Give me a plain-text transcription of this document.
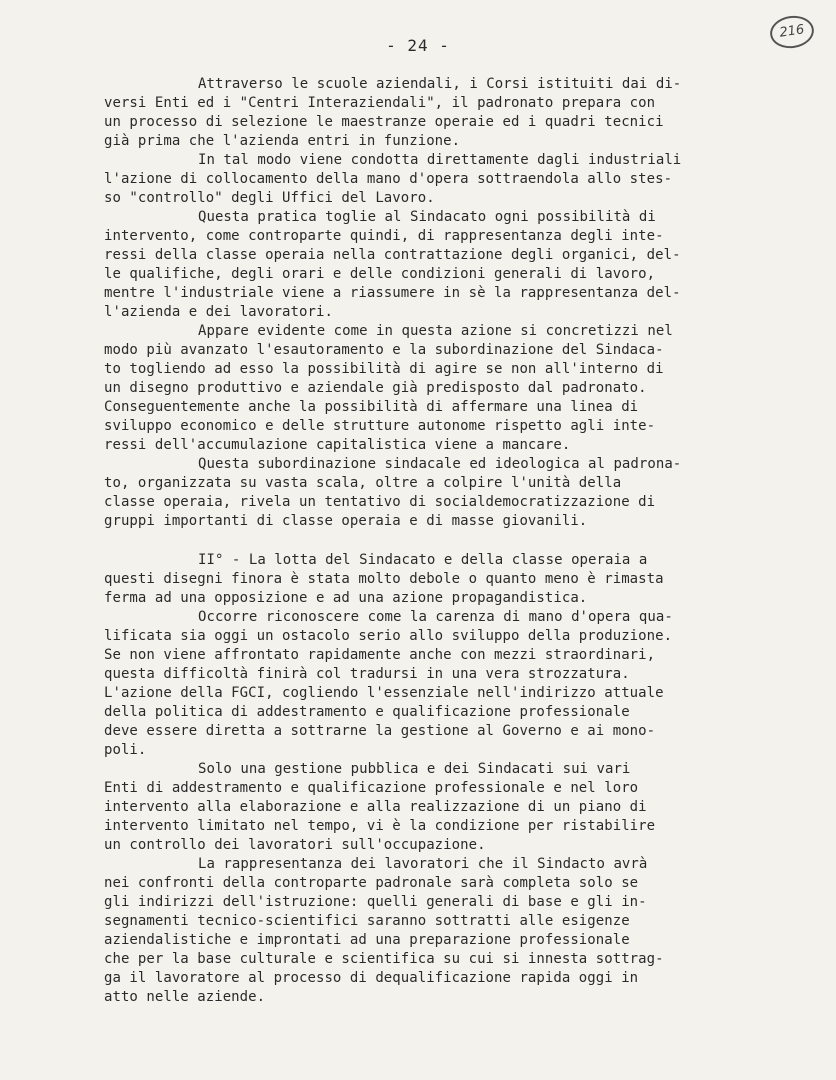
- 24 -
216
Attraverso le scuole aziendali, i Corsi istituiti dai di-
versi Enti ed i "Centri Interaziendali", il padronato prepara con
un processo di selezione le maestranze operaie ed i quadri tecnici
già prima che l'azienda entri in funzione.
In tal modo viene condotta direttamente dagli industriali
l'azione di collocamento della mano d'opera sottraendola allo stes-
so "controllo" degli Uffici del Lavoro.
Questa pratica toglie al Sindacato ogni possibilità di
intervento, come controparte quindi, di rappresentanza degli inte-
ressi della classe operaia nella contrattazione degli organici, del-
le qualifiche, degli orari e delle condizioni generali di lavoro,
mentre l'industriale viene a riassumere in sè la rappresentanza del-
l'azienda e dei lavoratori.
Appare evidente come in questa azione si concretizzi nel
modo più avanzato l'esautoramento e la subordinazione del Sindaca-
to togliendo ad esso la possibilità di agire se non all'interno di
un disegno produttivo e aziendale già predisposto dal padronato.
Conseguentemente anche la possibilità di affermare una linea di
sviluppo economico e delle strutture autonome rispetto agli inte-
ressi dell'accumulazione capitalistica viene a mancare.
Questa subordinazione sindacale ed ideologica al padrona-
to, organizzata su vasta scala, oltre a colpire l'unità della
classe operaia, rivela un tentativo di socialdemocratizzazione di
gruppi importanti di classe operaia e di masse giovanili.
II° - La lotta del Sindacato e della classe operaia a
questi disegni finora è stata molto debole o quanto meno è rimasta
ferma ad una opposizione e ad una azione propagandistica.
Occorre riconoscere come la carenza di mano d'opera qua-
lificata sia oggi un ostacolo serio allo sviluppo della produzione.
Se non viene affrontato rapidamente anche con mezzi straordinari,
questa difficoltà finirà col tradursi in una vera strozzatura.
L'azione della FGCI, cogliendo l'essenziale nell'indirizzo attuale
della politica di addestramento e qualificazione professionale
deve essere diretta a sottrarne la gestione al Governo e ai mono-
poli.
Solo una gestione pubblica e dei Sindacati sui vari
Enti di addestramento e qualificazione professionale e nel loro
intervento alla elaborazione e alla realizzazione di un piano di
intervento limitato nel tempo, vi è la condizione per ristabilire
un controllo dei lavoratori sull'occupazione.
La rappresentanza dei lavoratori che il Sindacto avrà
nei confronti della controparte padronale sarà completa solo se
gli indirizzi dell'istruzione: quelli generali di base e gli in-
segnamenti tecnico-scientifici saranno sottratti alle esigenze
aziendalistiche e improntati ad una preparazione professionale
che per la base culturale e scientifica su cui si innesta sottrag-
ga il lavoratore al processo di dequalificazione rapida oggi in
atto nelle aziende.
